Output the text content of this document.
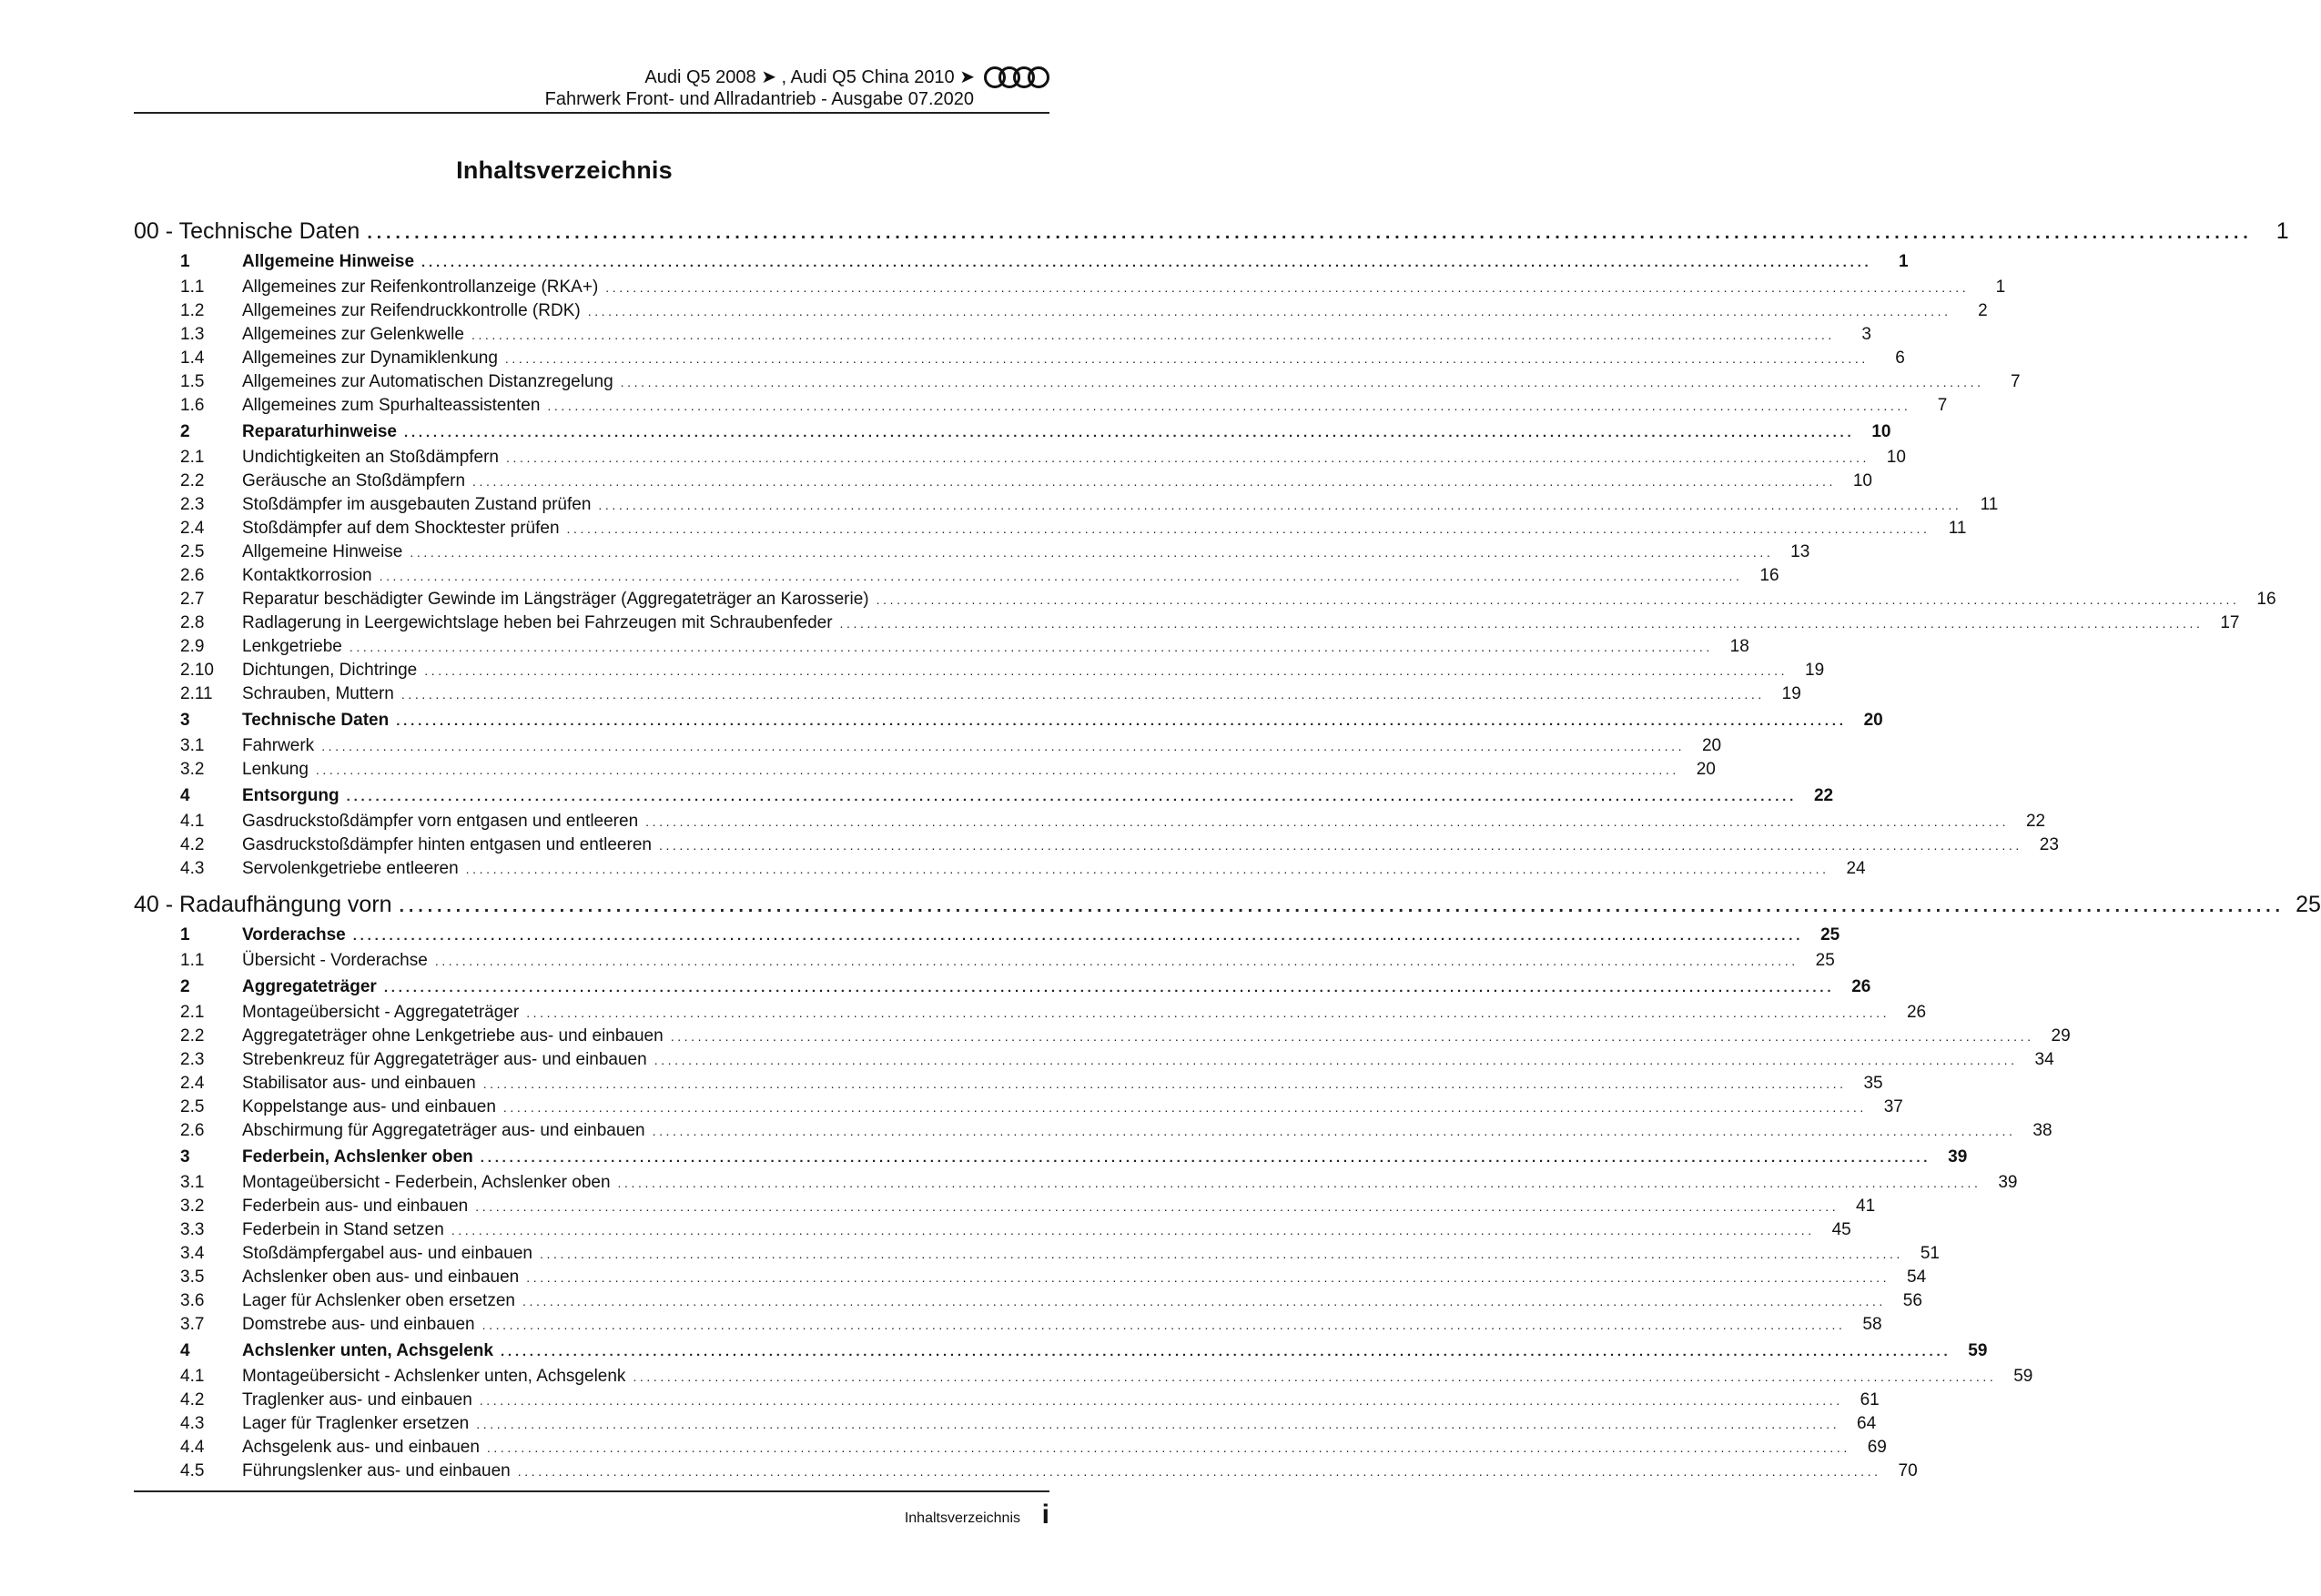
Audi Q5 2008 ➤ , Audi Q5 China 2010 ➤
Fahrwerk Front- und Allradantrieb - Ausgabe 07.2020
Inhaltsverzeichnis
00 - Technische Daten ........................................................................................................................................................................................................	1
1	Allgemeine Hinweise ........................................................................................................................................................................................................	1
1.1	Allgemeines zur Reifenkontrollanzeige (RKA+) ........................................................................................................................................................................................................	1
1.2	Allgemeines zur Reifendruckkontrolle (RDK) ........................................................................................................................................................................................................	2
1.3	Allgemeines zur Gelenkwelle ........................................................................................................................................................................................................	3
1.4	Allgemeines zur Dynamiklenkung ........................................................................................................................................................................................................	6
1.5	Allgemeines zur Automatischen Distanzregelung ........................................................................................................................................................................................................	7
1.6	Allgemeines zum Spurhalteassistenten ........................................................................................................................................................................................................	7
2	Reparaturhinweise ........................................................................................................................................................................................................ 10
2.1	Undichtigkeiten an Stoßdämpfern ........................................................................................................................................................................................................ 10
2.2	Geräusche an Stoßdämpfern ........................................................................................................................................................................................................ 10
2.3	Stoßdämpfer im ausgebauten Zustand prüfen ........................................................................................................................................................................................................	11
2.4	Stoßdämpfer auf dem Shocktester prüfen ........................................................................................................................................................................................................	11
2.5	Allgemeine Hinweise ........................................................................................................................................................................................................ 13
2.6	Kontaktkorrosion ........................................................................................................................................................................................................ 16
2.7	Reparatur beschädigter Gewinde im Längsträger (Aggregateträger an Karosserie) ........................................................................................................................................................................................................ 16
2.8	Radlagerung in Leergewichtslage heben bei Fahrzeugen mit Schraubenfeder ........................................................................................................................................................................................................ 17
2.9	Lenkgetriebe ........................................................................................................................................................................................................ 18
2.10	Dichtungen, Dichtringe ........................................................................................................................................................................................................ 19
2.11	Schrauben, Muttern ........................................................................................................................................................................................................ 19
3	Technische Daten ........................................................................................................................................................................................................ 20
3.1	Fahrwerk ........................................................................................................................................................................................................ 20
3.2	Lenkung ........................................................................................................................................................................................................ 20
4	Entsorgung ........................................................................................................................................................................................................ 22
4.1	Gasdruckstoßdämpfer vorn entgasen und entleeren ........................................................................................................................................................................................................ 22
4.2	Gasdruckstoßdämpfer hinten entgasen und entleeren ........................................................................................................................................................................................................ 23
4.3	Servolenkgetriebe entleeren ........................................................................................................................................................................................................ 24
40 - Radaufhängung vorn ........................................................................................................................................................................................................ 25
1	Vorderachse ........................................................................................................................................................................................................ 25
1.1	Übersicht - Vorderachse ........................................................................................................................................................................................................ 25
2	Aggregateträger ........................................................................................................................................................................................................ 26
2.1	Montageübersicht - Aggregateträger ........................................................................................................................................................................................................ 26
2.2	Aggregateträger ohne Lenkgetriebe aus- und einbauen ........................................................................................................................................................................................................ 29
2.3	Strebenkreuz für Aggregateträger aus- und einbauen ........................................................................................................................................................................................................ 34
2.4	Stabilisator aus- und einbauen ........................................................................................................................................................................................................ 35
2.5	Koppelstange aus- und einbauen ........................................................................................................................................................................................................ 37
2.6	Abschirmung für Aggregateträger aus- und einbauen ........................................................................................................................................................................................................ 38
3	Federbein, Achslenker oben ........................................................................................................................................................................................................ 39
3.1	Montageübersicht - Federbein, Achslenker oben ........................................................................................................................................................................................................ 39
3.2	Federbein aus- und einbauen ........................................................................................................................................................................................................ 41
3.3	Federbein in Stand setzen ........................................................................................................................................................................................................ 45
3.4	Stoßdämpfergabel aus- und einbauen ........................................................................................................................................................................................................ 51
3.5	Achslenker oben aus- und einbauen ........................................................................................................................................................................................................ 54
3.6	Lager für Achslenker oben ersetzen ........................................................................................................................................................................................................ 56
3.7	Domstrebe aus- und einbauen ........................................................................................................................................................................................................ 58
4	Achslenker unten, Achsgelenk ........................................................................................................................................................................................................ 59
4.1	Montageübersicht - Achslenker unten, Achsgelenk ........................................................................................................................................................................................................ 59
4.2	Traglenker aus- und einbauen ........................................................................................................................................................................................................ 61
4.3	Lager für Traglenker ersetzen ........................................................................................................................................................................................................ 64
4.4	Achsgelenk aus- und einbauen ........................................................................................................................................................................................................ 69
4.5	Führungslenker aus- und einbauen ........................................................................................................................................................................................................ 70
Inhaltsverzeichnis i
